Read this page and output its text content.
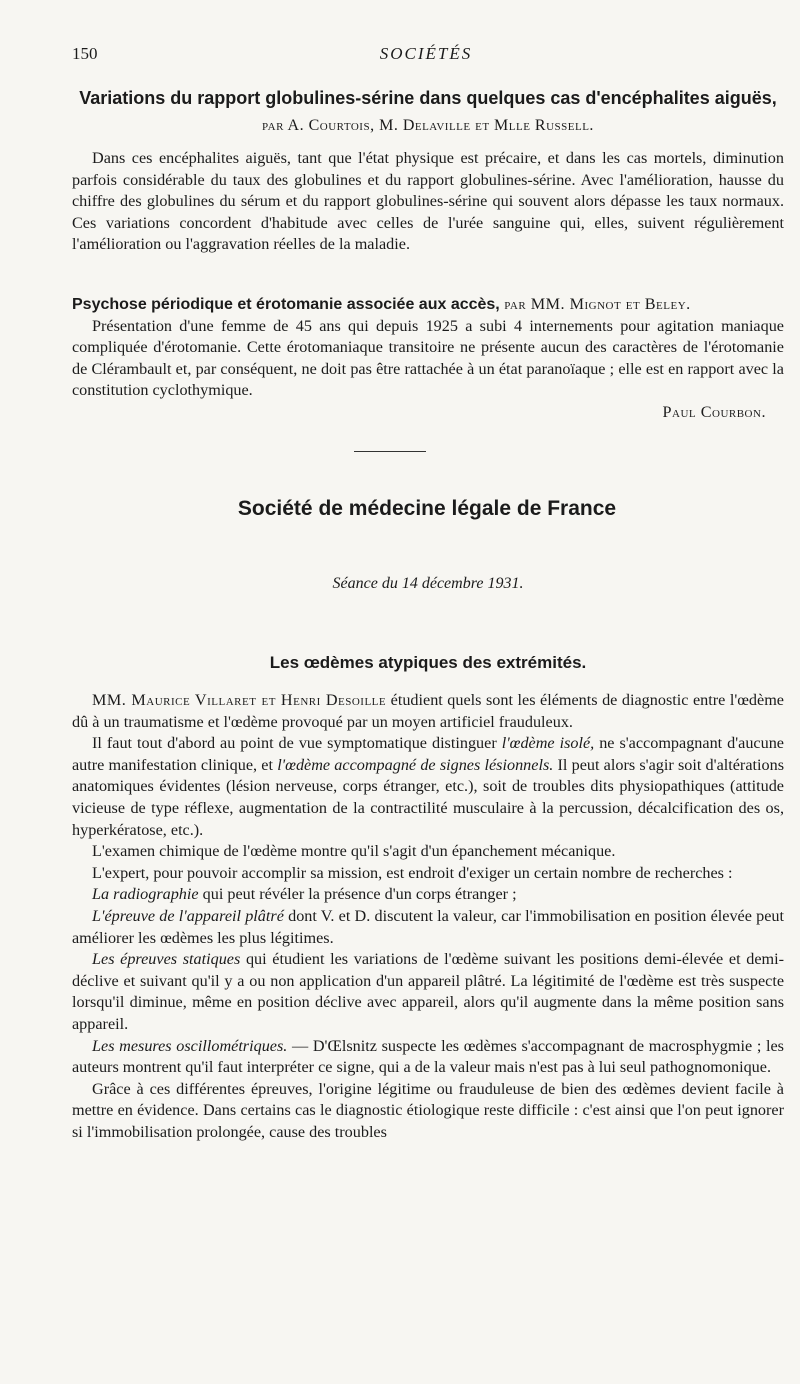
150	SOCIÉTÉS
Variations du rapport globulines-sérine dans quelques cas d'encéphalites aiguës, par A. Courtois, M. Delaville et Mlle Russell.

Dans ces encéphalites aiguës, tant que l'état physique est précaire, et dans les cas mortels, diminution parfois considérable du taux des globulines et du rapport globulines-sérine. Avec l'amélioration, hausse du chiffre des globulines du sérum et du rapport globulines-sérine qui souvent alors dépasse les taux normaux. Ces variations concordent d'habitude avec celles de l'urée sanguine qui, elles, suivent régulièrement l'amélioration ou l'aggravation réelles de la maladie.

Psychose périodique et érotomanie associée aux accès, par MM. Mignot et Beley.

Présentation d'une femme de 45 ans qui depuis 1925 a subi 4 internements pour agitation maniaque compliquée d'érotomanie. Cette érotomaniaque transitoire ne présente aucun des caractères de l'érotomanie de Clérambault et, par conséquent, ne doit pas être rattachée à un état paranoïaque ; elle est en rapport avec la constitution cyclothymique.

Paul Courbon.
Société de médecine légale de France
Séance du 14 décembre 1931.
Les œdèmes atypiques des extrémités.

MM. Maurice Villaret et Henri Desoille étudient quels sont les éléments de diagnostic entre l'œdème dû à un traumatisme et l'œdème provoqué par un moyen artificiel frauduleux.

Il faut tout d'abord au point de vue symptomatique distinguer l'œdème isolé, ne s'accompagnant d'aucune autre manifestation clinique, et l'œdème accompagné de signes lésionnels. Il peut alors s'agir soit d'altérations anatomiques évidentes (lésion nerveuse, corps étranger, etc.), soit de troubles dits physiopathiques (attitude vicieuse de type réflexe, augmentation de la contractilité musculaire à la percussion, décalcification des os, hyperkératose, etc.).

L'examen chimique de l'œdème montre qu'il s'agit d'un épanchement mécanique.

L'expert, pour pouvoir accomplir sa mission, est endroit d'exiger un certain nombre de recherches :

La radiographie qui peut révéler la présence d'un corps étranger ;

L'épreuve de l'appareil plâtré dont V. et D. discutent la valeur, car l'immobilisation en position élevée peut améliorer les œdèmes les plus légitimes.

Les épreuves statiques qui étudient les variations de l'œdème suivant les positions demi-élevée et demi-déclive et suivant qu'il y a ou non application d'un appareil plâtré. La légitimité de l'œdème est très suspecte lorsqu'il diminue, même en position déclive avec appareil, alors qu'il augmente dans la même position sans appareil.

Les mesures oscillométriques. — D'Œlsnitz suspecte les œdèmes s'accompagnant de macrosphygmie ; les auteurs montrent qu'il faut interpréter ce signe, qui a de la valeur mais n'est pas à lui seul pathognomonique.

Grâce à ces différentes épreuves, l'origine légitime ou frauduleuse de bien des œdèmes devient facile à mettre en évidence. Dans certains cas le diagnostic étiologique reste difficile : c'est ainsi que l'on peut ignorer si l'immobilisation prolongée, cause des troubles
